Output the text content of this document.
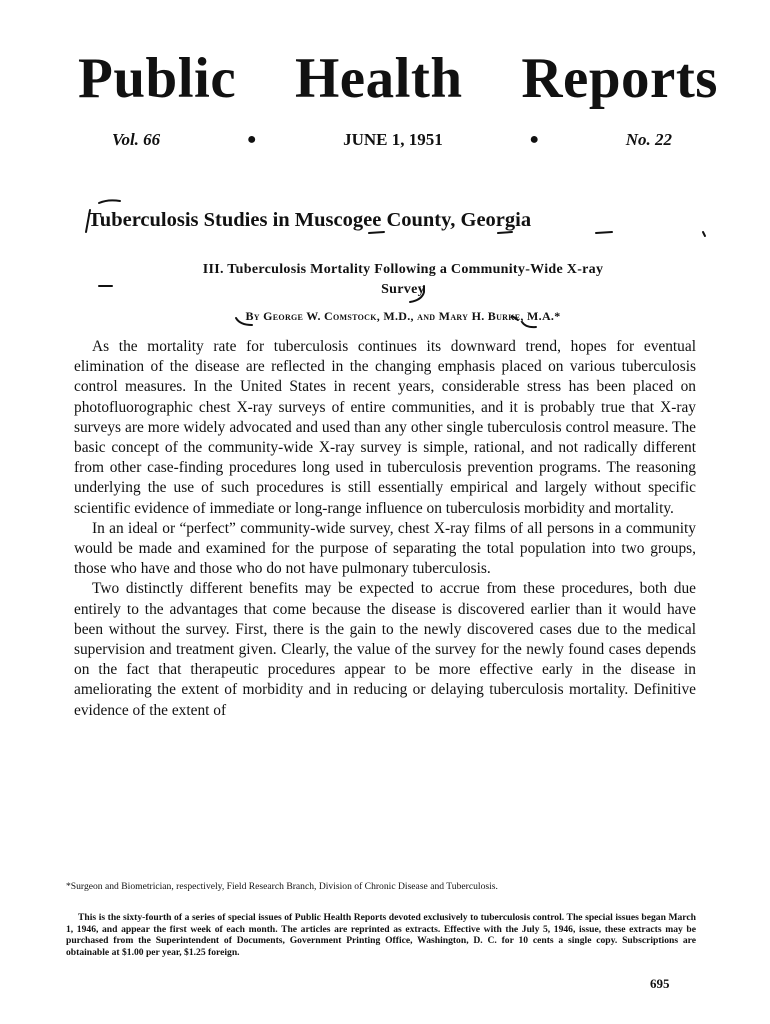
Public Health Reports
Vol. 66	●	JUNE 1, 1951	●	No. 22
Tuberculosis Studies in Muscogee County, Georgia
III. Tuberculosis Mortality Following a Community-Wide X-ray
Survey
By George W. Comstock, M.D., and Mary H. Burke, M.A.*

As the mortality rate for tuberculosis continues its downward trend, hopes for eventual elimination of the disease are reflected in the changing emphasis placed on various tuberculosis control measures. In the United States in recent years, considerable stress has been placed on photofluorographic chest X-ray surveys of entire communities, and it is probably true that X-ray surveys are more widely advocated and used than any other single tuberculosis control measure. The basic concept of the community-wide X-ray survey is simple, rational, and not radically different from other case-finding procedures long used in tuberculosis prevention programs. The reasoning underlying the use of such procedures is still essentially empirical and largely without specific scientific evidence of immediate or long-range influence on tuberculosis morbidity and mortality.

In an ideal or “perfect” community-wide survey, chest X-ray films of all persons in a community would be made and examined for the purpose of separating the total population into two groups, those who have and those who do not have pulmonary tuberculosis.

Two distinctly different benefits may be expected to accrue from these procedures, both due entirely to the advantages that come because the disease is discovered earlier than it would have been without the survey. First, there is the gain to the newly discovered cases due to the medical supervision and treatment given. Clearly, the value of the survey for the newly found cases depends on the fact that therapeutic procedures appear to be more effective early in the disease in ameliorating the extent of morbidity and in reducing or delaying tuberculosis mortality. Definitive evidence of the extent of

*Surgeon and Biometrician, respectively, Field Research Branch, Division of Chronic Disease and Tuberculosis.
This is the sixty-fourth of a series of special issues of Public Health Reports devoted exclusively to tuberculosis control. The special issues began March 1, 1946, and appear the first week of each month. The articles are reprinted as extracts. Effective with the July 5, 1946, issue, these extracts may be purchased from the Superintendent of Documents, Government Printing Office, Washington, D. C. for 10 cents a single copy. Subscriptions are obtainable at $1.00 per year, $1.25 foreign.
695
